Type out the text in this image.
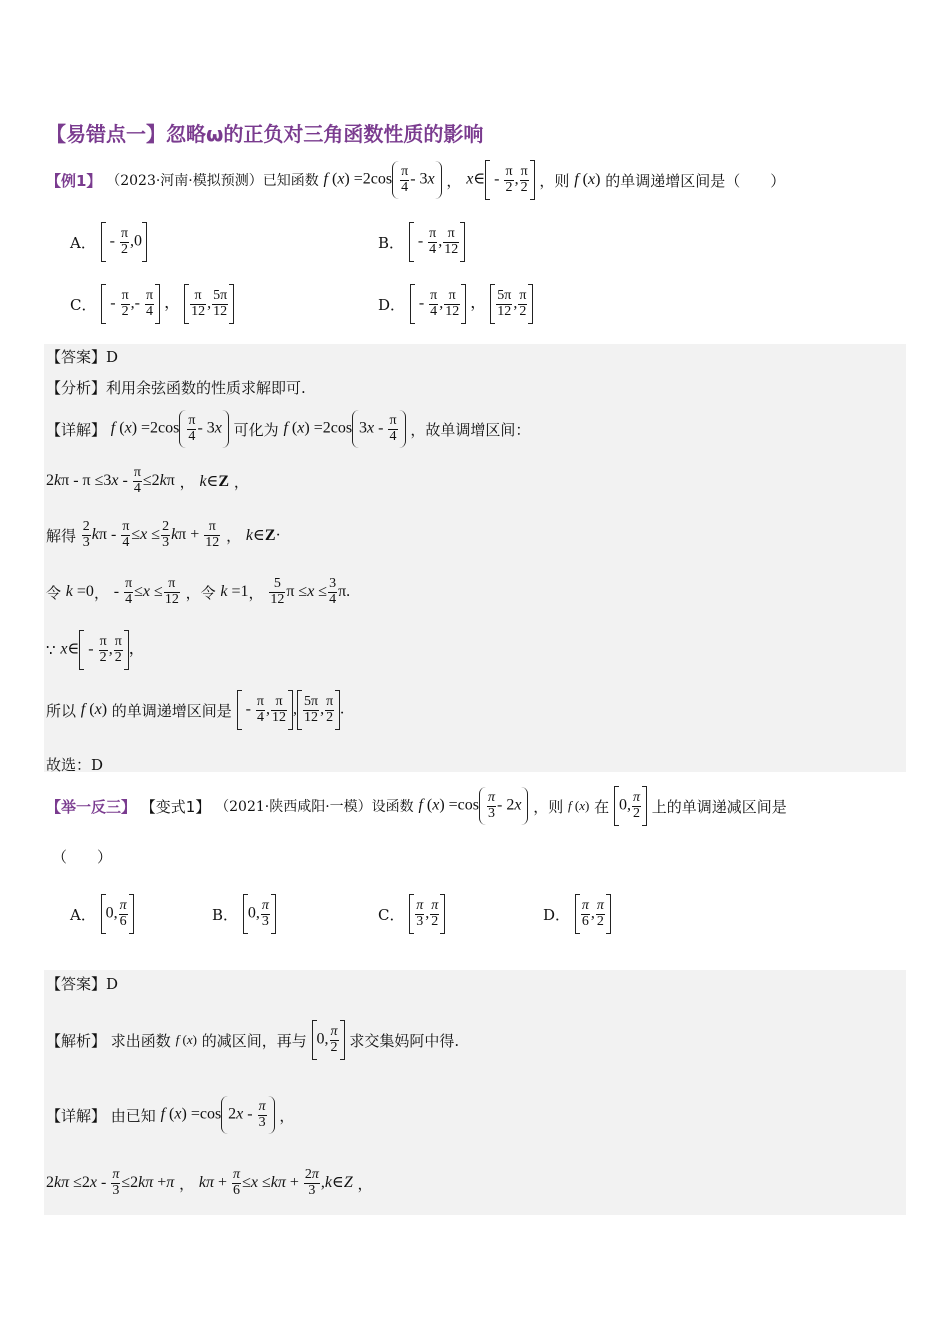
【易错点一】忽略ω的正负对三角函数性质的影响
【例1】 （2023·河南·模拟预测）已知函数 f $(x) =2\cos \frac{\pi}{4} - 3x$ ， x∈ - $\frac{\pi}{2}$ , $\frac{\pi}{2}$ ，则 f (x) 的单调递增区间是（　　）
A．  - $\frac{\pi}{2} ,0$	B．  - $\frac{\pi}{4}$ , $\frac{\pi}{12}$
C．  - $\frac{\pi}{2}$ ,- $\frac{\pi}{4}$ ， $\frac{\pi}{12}$ , $\frac{5\pi}{12}$	D．  - $\frac{\pi}{4}$ , $\frac{\pi}{12}$ ， $\frac{5\pi}{12}$ , $\frac{\pi}{2}$
【答案】D
【分析】利用余弦函数的性质求解即可.
【详解】 f $(x) =2\cos \frac{\pi}{4} - 3x$ 可化为 f (x) =2cos $3x - \frac{\pi}{4}$ ，故单调增区间：
$2k\pi - \pi \le 3x - \frac{\pi}{4} \le 2k\pi$ ， k∈Z ，
解得 $\frac{2}{3}$ $k\pi - \frac{\pi}{4} \le x \le \frac{2}{3}$ $k\pi + \frac{\pi}{12}$ ， k∈Z·
令 k =0， - $\frac{\pi}{4} \le x \le \frac{\pi}{12}$ ，令 k =1， $\frac{5}{12}$ $\pi \le x \le \frac{3}{4} \pi$.
∵ x∈ - $\frac{\pi}{2}$ , $\frac{\pi}{2}$ ，
所以 f (x) 的单调递增区间是  - $\frac{\pi}{4}$ , $\frac{\pi}{12}$ , $\frac{5\pi}{12}$ , $\frac{\pi}{2}$ .
故选：D
【举一反三】 【变式1】 （2021·陕西咸阳·一模）设函数 f $(x) =\cos \frac{\pi}{3} - 2x$ ，则 f (x) 在 0, $\frac{\pi}{2}$ 上的单调递减区间是
（　　）
A． 0, $\frac{\pi}{6}$	B． 0, $\frac{\pi}{3}$	C． $\frac{\pi}{3}$ , $\frac{\pi}{2}$	D． $\frac{\pi}{6}$ , $\frac{\pi}{2}$
【答案】D
【解析】 求出函数 f (x) 的减区间，再与 0, $\frac{\pi}{2}$ 求交集妈阿中得.
【详解】 由已知 f (x) =cos $2x - \frac{\pi}{3}$ ，
$2k\pi \le 2x - \frac{\pi}{3} \le 2k\pi +\pi$ ， $k\pi + \frac{\pi}{6} \le x \le k\pi + \frac{2\pi}{3}$ ,k∈Z ，
